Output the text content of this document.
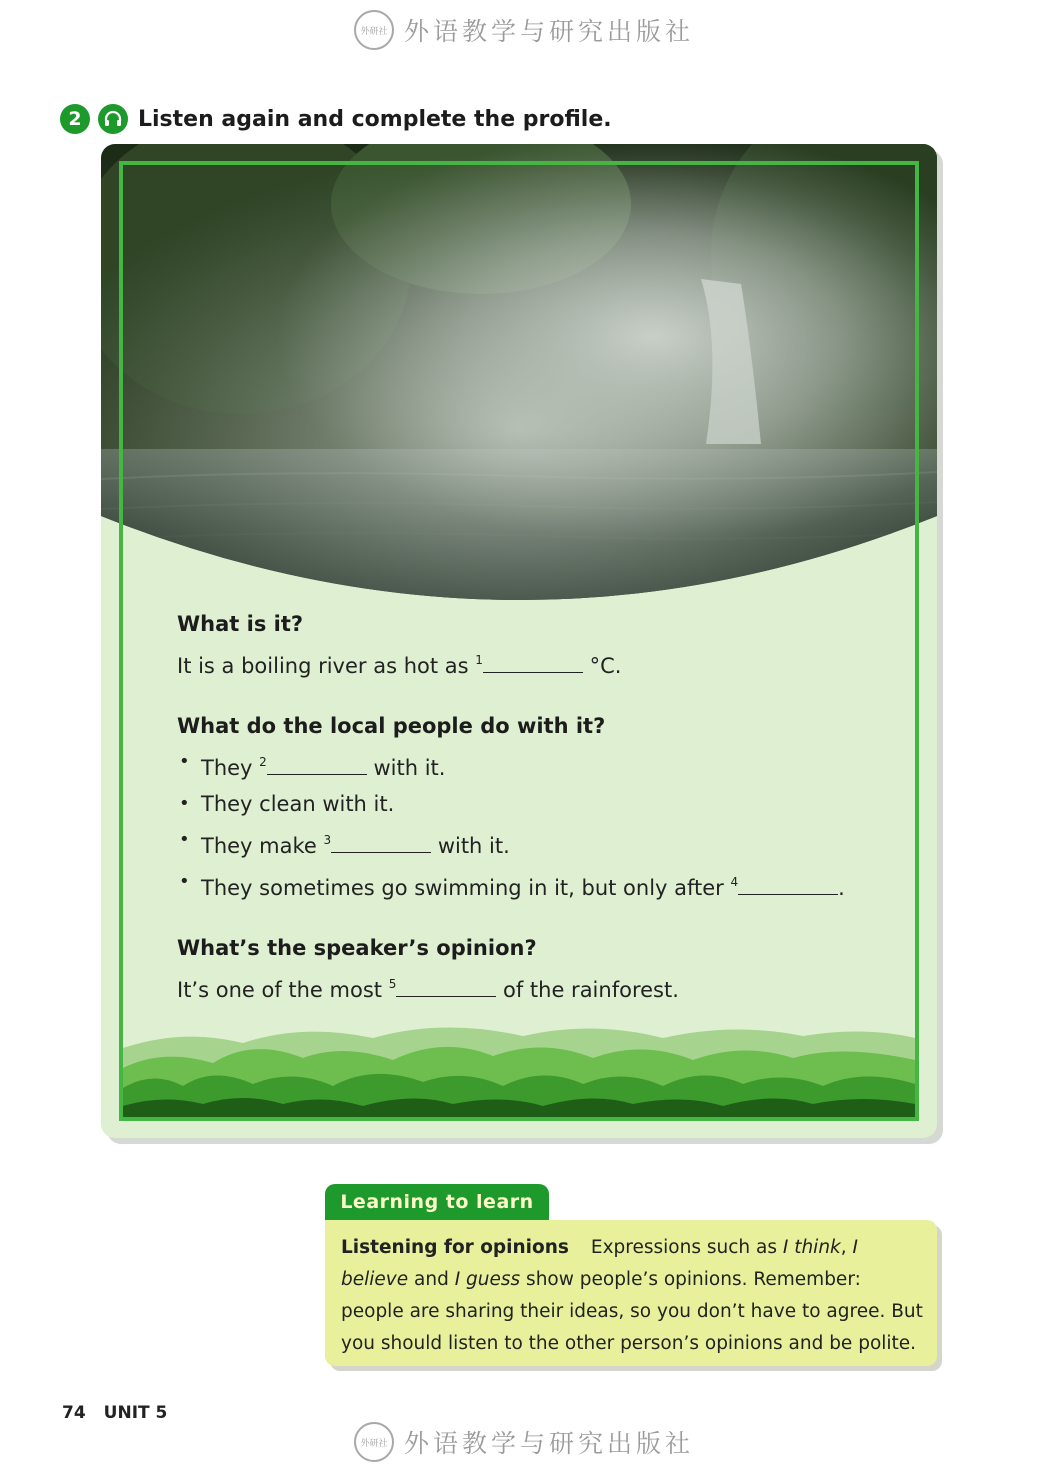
外研社 外语教学与研究出版社
2	Listen again and complete the profile.
What is it?
It is a boiling river as hot as $^1$	°C.
What do the local people do with it?
• They $^2$	with it.
• They clean with it.
• They make $^3$	with it.
• They sometimes go swimming in it, but only after $^4$	.
What’s the speaker’s opinion?
It’s one of the most $^5$	of the rainforest.
Learning to learn
Listening for opinions Expressions such as I think, I believe and I guess show people’s opinions. Remember: people are sharing their ideas, so you don’t have to agree. But you should listen to the other person’s opinions and be polite.
74 UNIT 5
外研社 外语教学与研究出版社
